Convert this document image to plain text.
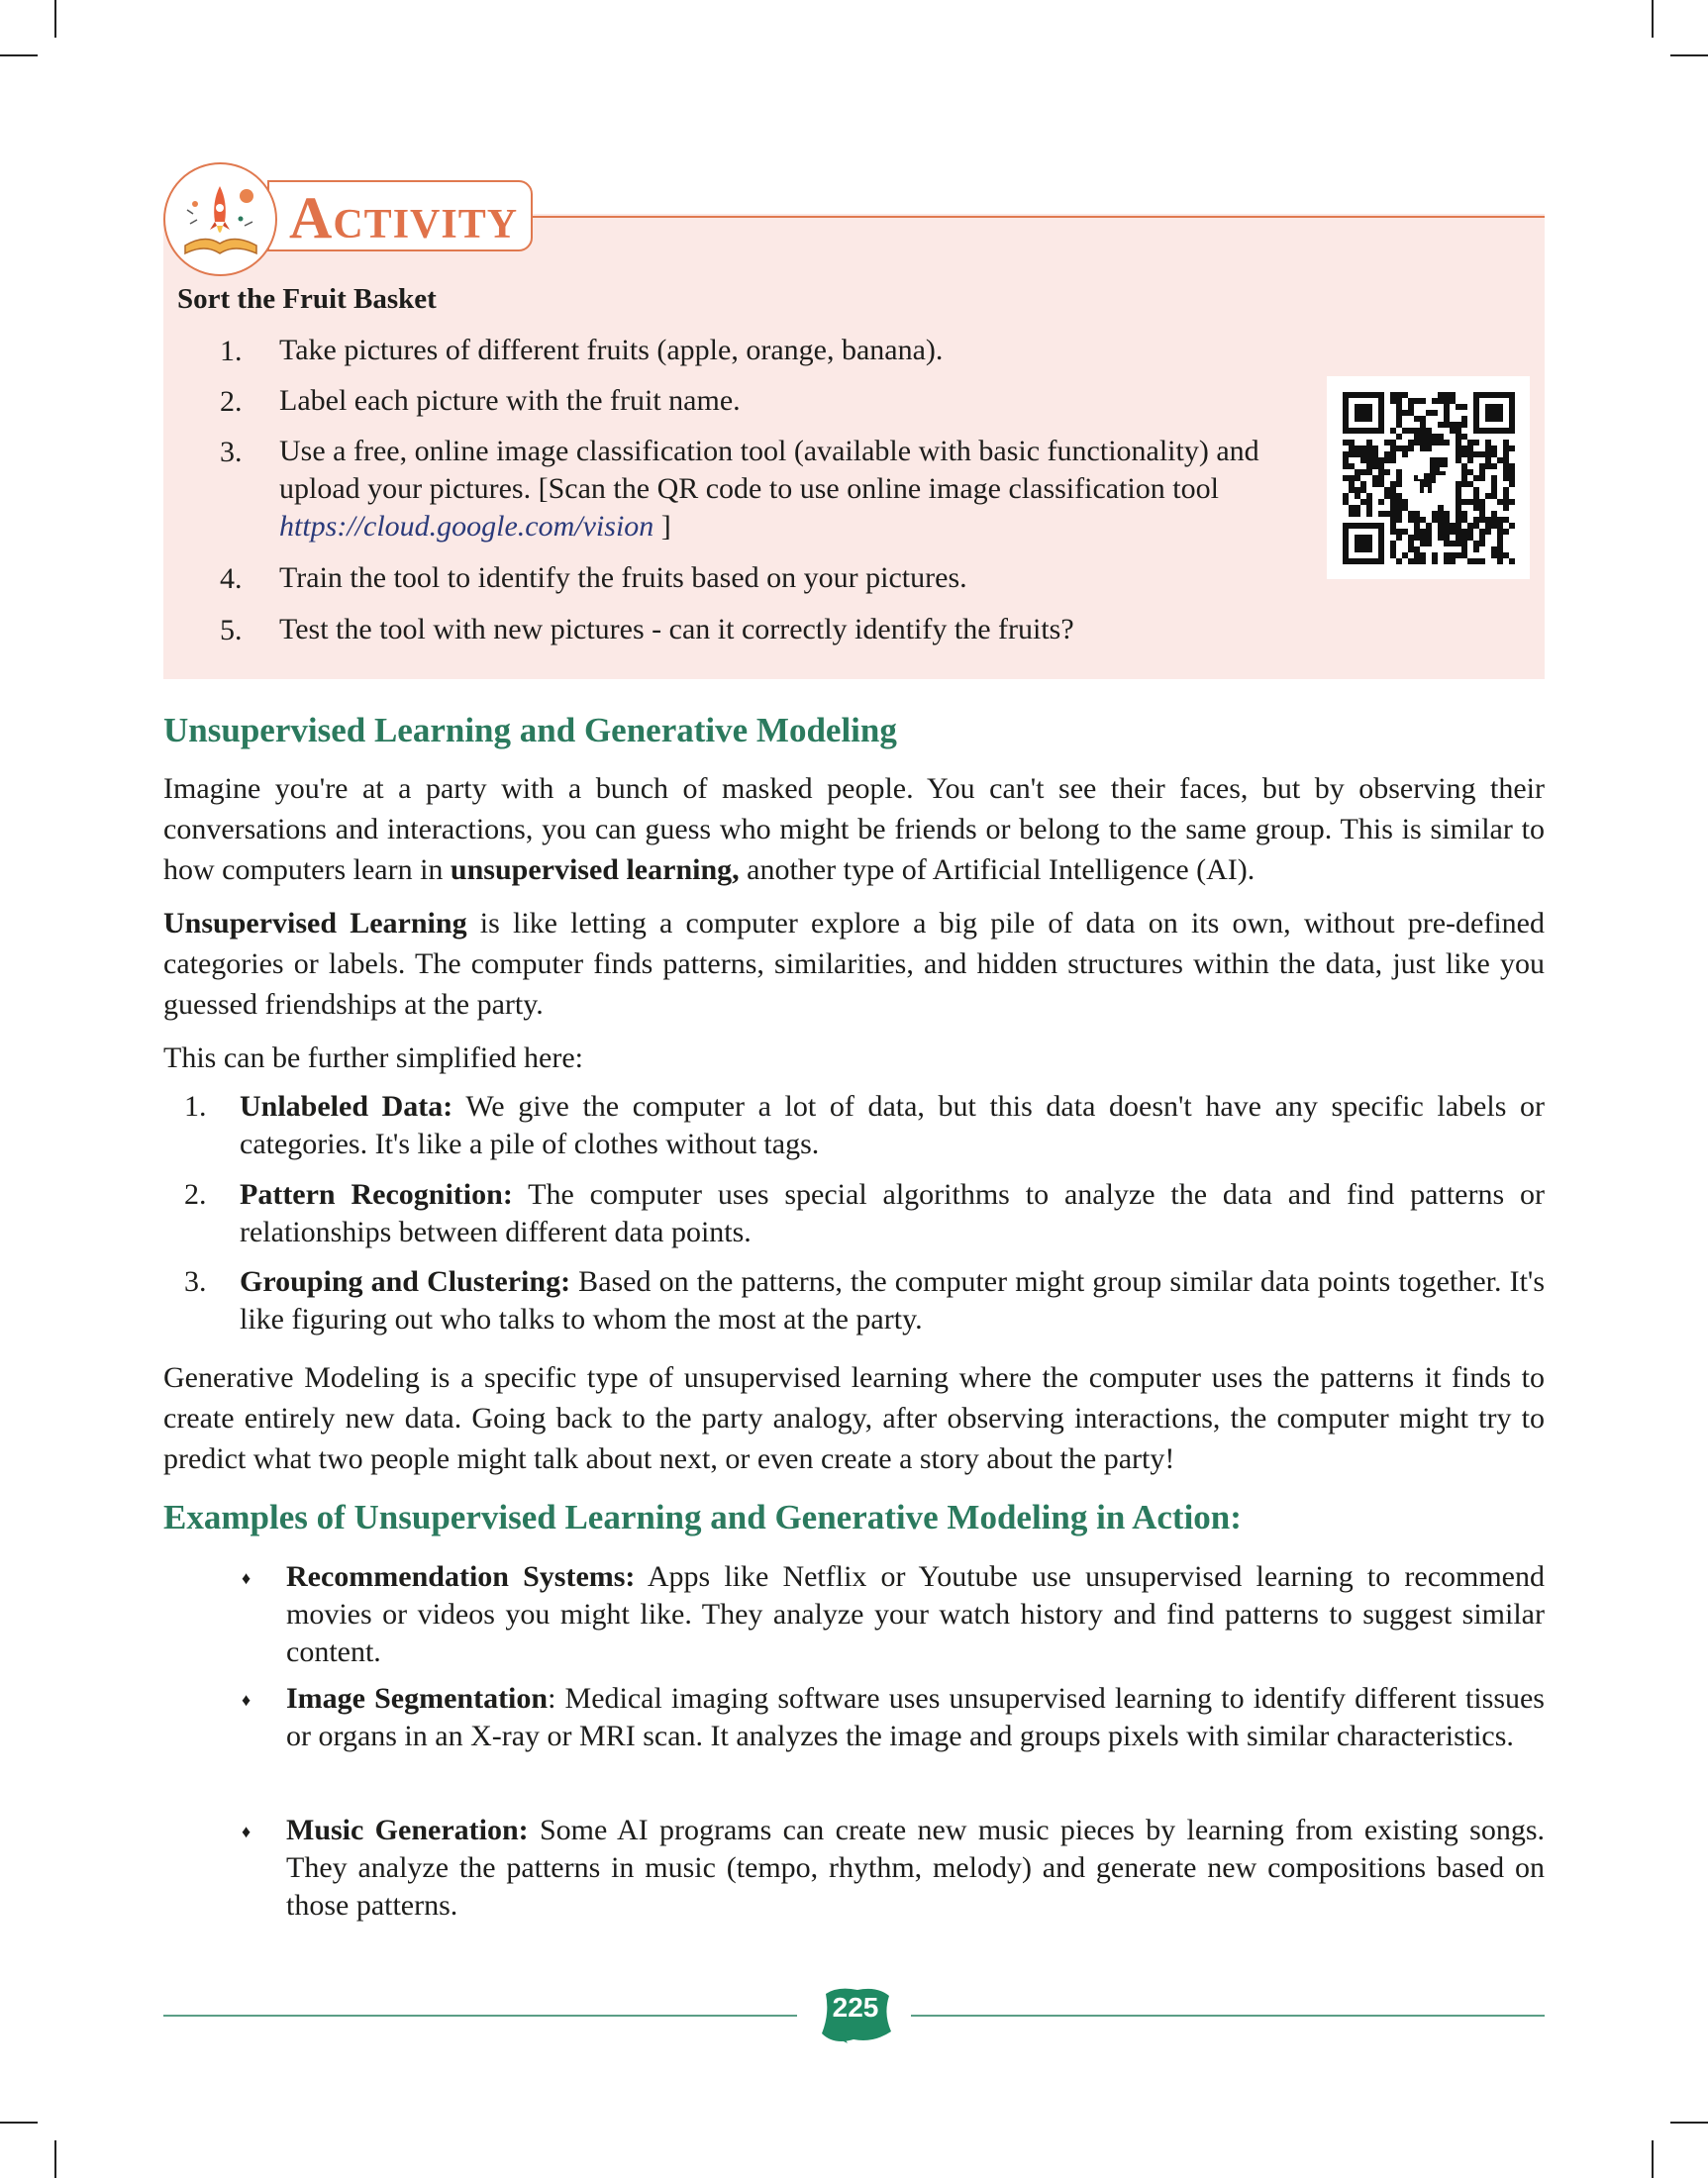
ACTIVITY
Sort the Fruit Basket
1. Take pictures of different fruits (apple, orange, banana).
2. Label each picture with the fruit name.
3. Use a free, online image classification tool (available with basic functionality) and
upload your pictures. [Scan the QR code to use online image classification tool
https://cloud.google.com/vision ]
4. Train the tool to identify the fruits based on your pictures.
5. Test the tool with new pictures - can it correctly identify the fruits?
Unsupervised Learning and Generative Modeling
Imagine you're at a party with a bunch of masked people. You can't see their faces, but by observing their conversations and interactions, you can guess who might be friends or belong to the same group. This is similar to how computers learn in unsupervised learning, another type of Artificial Intelligence (AI).
Unsupervised Learning is like letting a computer explore a big pile of data on its own, without pre-defined categories or labels. The computer finds patterns, similarities, and hidden structures within the data, just like you guessed friendships at the party.
This can be further simplified here:
1. Unlabeled Data: We give the computer a lot of data, but this data doesn't have any specific labels or categories. It's like a pile of clothes without tags.
2. Pattern Recognition: The computer uses special algorithms to analyze the data and find patterns or relationships between different data points.
3. Grouping and Clustering: Based on the patterns, the computer might group similar data points together. It's like figuring out who talks to whom the most at the party.
Generative Modeling is a specific type of unsupervised learning where the computer uses the patterns it finds to create entirely new data. Going back to the party analogy, after observing interactions, the computer might try to predict what two people might talk about next, or even create a story about the party!
Examples of Unsupervised Learning and Generative Modeling in Action:
♦ Recommendation Systems: Apps like Netflix or Youtube use unsupervised learning to recommend movies or videos you might like. They analyze your watch history and find patterns to suggest similar content.
♦ Image Segmentation: Medical imaging software uses unsupervised learning to identify different tissues or organs in an X-ray or MRI scan. It analyzes the image and groups pixels with similar characteristics.
♦ Music Generation: Some AI programs can create new music pieces by learning from existing songs. They analyze the patterns in music (tempo, rhythm, melody) and generate new compositions based on those patterns.
225
